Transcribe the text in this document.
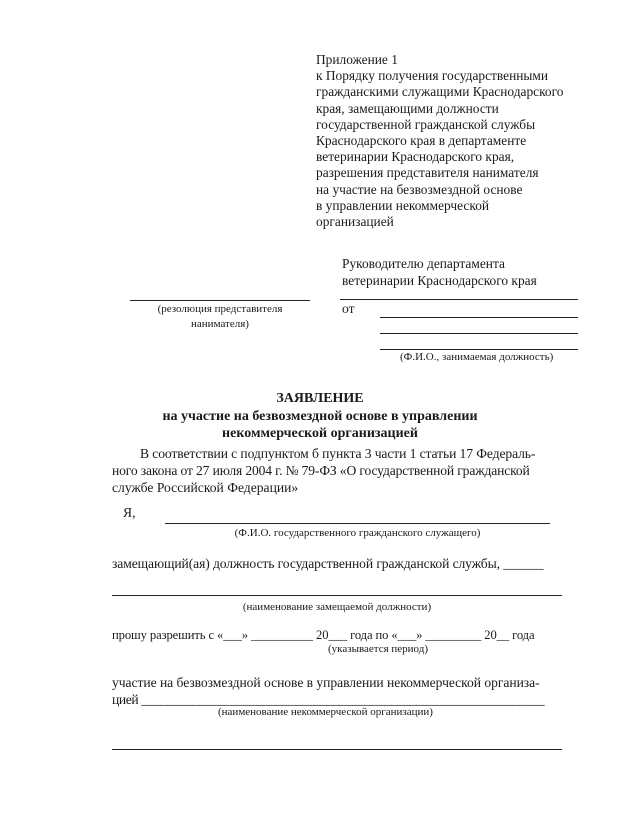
Приложение 1
к Порядку получения государственными
гражданскими служащими Краснодарского
края, замещающими должности
государственной гражданской службы
Краснодарского края в департаменте
ветеринарии Краснодарского края,
разрешения представителя нанимателя
на участие на безвозмездной основе
в управлении некоммерческой
организацией
Руководителю департамента
ветеринарии Краснодарского края
(резолюция представителя
нанимателя)
от
(Ф.И.О., занимаемая должность)
ЗАЯВЛЕНИЕ
на участие на безвозмездной основе в управлении
некоммерческой организацией
В соответствии с подпунктом б пункта 3 части 1 статьи 17 Федераль-
ного закона от 27 июля 2004 г. № 79-ФЗ «О государственной гражданской
службе Российской Федерации»
Я,
(Ф.И.О. государственного гражданского служащего)
замещающий(ая) должность государственной гражданской службы, ______
(наименование замещаемой должности)
прошу разрешить с «___» __________ 20___ года по «___» _________ 20__ года
(указывается период)
участие на безвозмездной основе в управлении некоммерческой организа-
цией _______________________________________________________________
(наименование некоммерческой организации)
